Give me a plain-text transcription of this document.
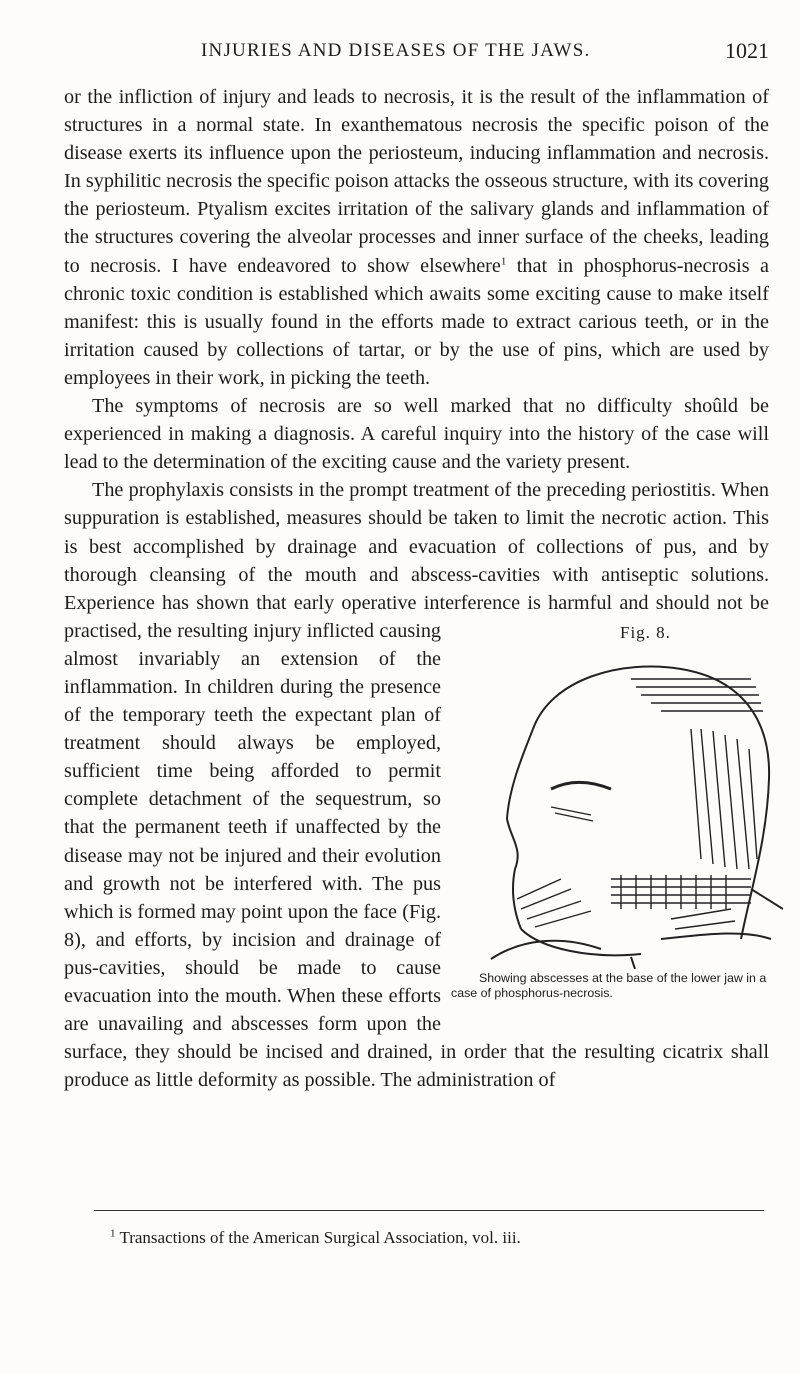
INJURIES AND DISEASES OF THE JAWS.	1021

or the infliction of injury and leads to necrosis, it is the result of the inflammation of structures in a normal state. In exanthematous necrosis the specific poison of the disease exerts its influence upon the periosteum, inducing inflammation and necrosis. In syphilitic necrosis the specific poison attacks the osseous structure, with its covering the periosteum. Ptyalism excites irritation of the salivary glands and inflammation of the structures covering the alveolar processes and inner surface of the cheeks, leading to necrosis. I have endeavored to show elsewhere$^1$ that in phosphorus-necrosis a chronic toxic condition is established which awaits some exciting cause to make itself manifest: this is usually found in the efforts made to extract carious teeth, or in the irritation caused by collections of tartar, or by the use of pins, which are used by employees in their work, in picking the teeth.

The symptoms of necrosis are so well marked that no difficulty shoûld be experienced in making a diagnosis. A careful inquiry into the history of the case will lead to the determination of the exciting cause and the variety present.

The prophylaxis consists in the prompt treatment of the preceding periostitis. When suppuration is established, measures should be taken to limit the necrotic action. This is best accomplished by drainage and evacuation of collections of pus, and by thorough cleansing of the mouth and abscess-cavities with antiseptic solutions. Experience has shown that early operative interference is harmful and should not be practised, the resulting	Fig. 8.
Showing abscesses at the base of the lower jaw in a case of phosphorus-necrosis.
injury inflicted causing almost invariably an extension of the inflammation. In children during the presence of the temporary teeth the expectant plan of treatment should always be employed, sufficient time being afforded to permit complete detachment of the sequestrum, so that the permanent teeth if unaffected by the disease may not be injured and their evolution and growth not be interfered with. The pus which is formed may point upon the face (Fig. 8), and efforts, by incision and drainage of pus-cavities, should be made to cause evacuation into the mouth. When these efforts are unavailing and abscesses form upon the surface, they should be incised and drained, in order that the resulting cicatrix shall produce as little deformity as possible. The administration of

$^1$ Transactions of the American Surgical Association, vol. iii.
